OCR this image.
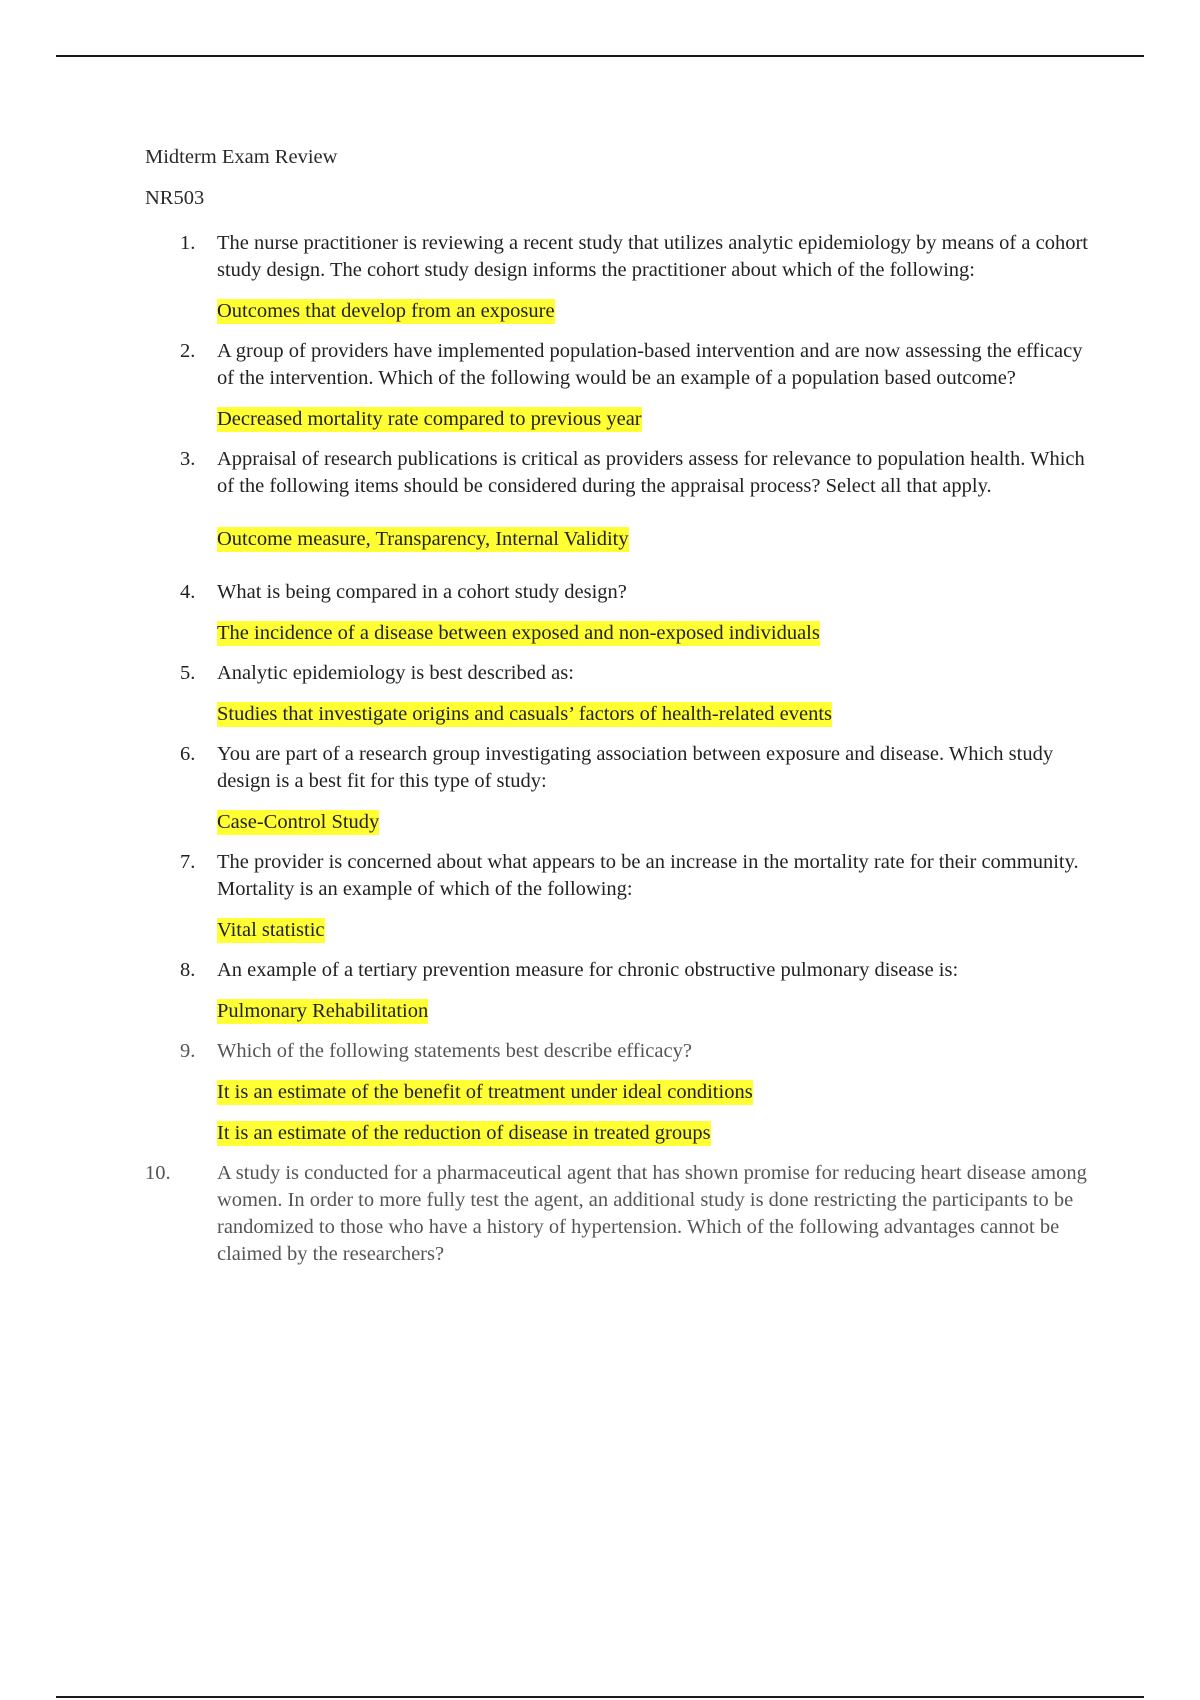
Midterm Exam Review

NR503

1. The nurse practitioner is reviewing a recent study that utilizes analytic epidemiology by means of a cohort study design. The cohort study design informs the practitioner about which of the following:
Outcomes that develop from an exposure
2. A group of providers have implemented population-based intervention and are now assessing the efficacy of the intervention. Which of the following would be an example of a population based outcome?
Decreased mortality rate compared to previous year
3. Appraisal of research publications is critical as providers assess for relevance to population health. Which of the following items should be considered during the appraisal process? Select all that apply.
Outcome measure, Transparency, Internal Validity
4. What is being compared in a cohort study design?
The incidence of a disease between exposed and non-exposed individuals
5. Analytic epidemiology is best described as:
Studies that investigate origins and casuals’ factors of health-related events
6. You are part of a research group investigating association between exposure and disease. Which study design is a best fit for this type of study:
Case-Control Study
7. The provider is concerned about what appears to be an increase in the mortality rate for their community. Mortality is an example of which of the following:
Vital statistic
8. An example of a tertiary prevention measure for chronic obstructive pulmonary disease is:
Pulmonary Rehabilitation
9. Which of the following statements best describe efficacy?
It is an estimate of the benefit of treatment under ideal conditions
It is an estimate of the reduction of disease in treated groups
10. A study is conducted for a pharmaceutical agent that has shown promise for reducing heart disease among women. In order to more fully test the agent, an additional study is done restricting the participants to be randomized to those who have a history of hypertension. Which of the following advantages cannot be claimed by the researchers?
